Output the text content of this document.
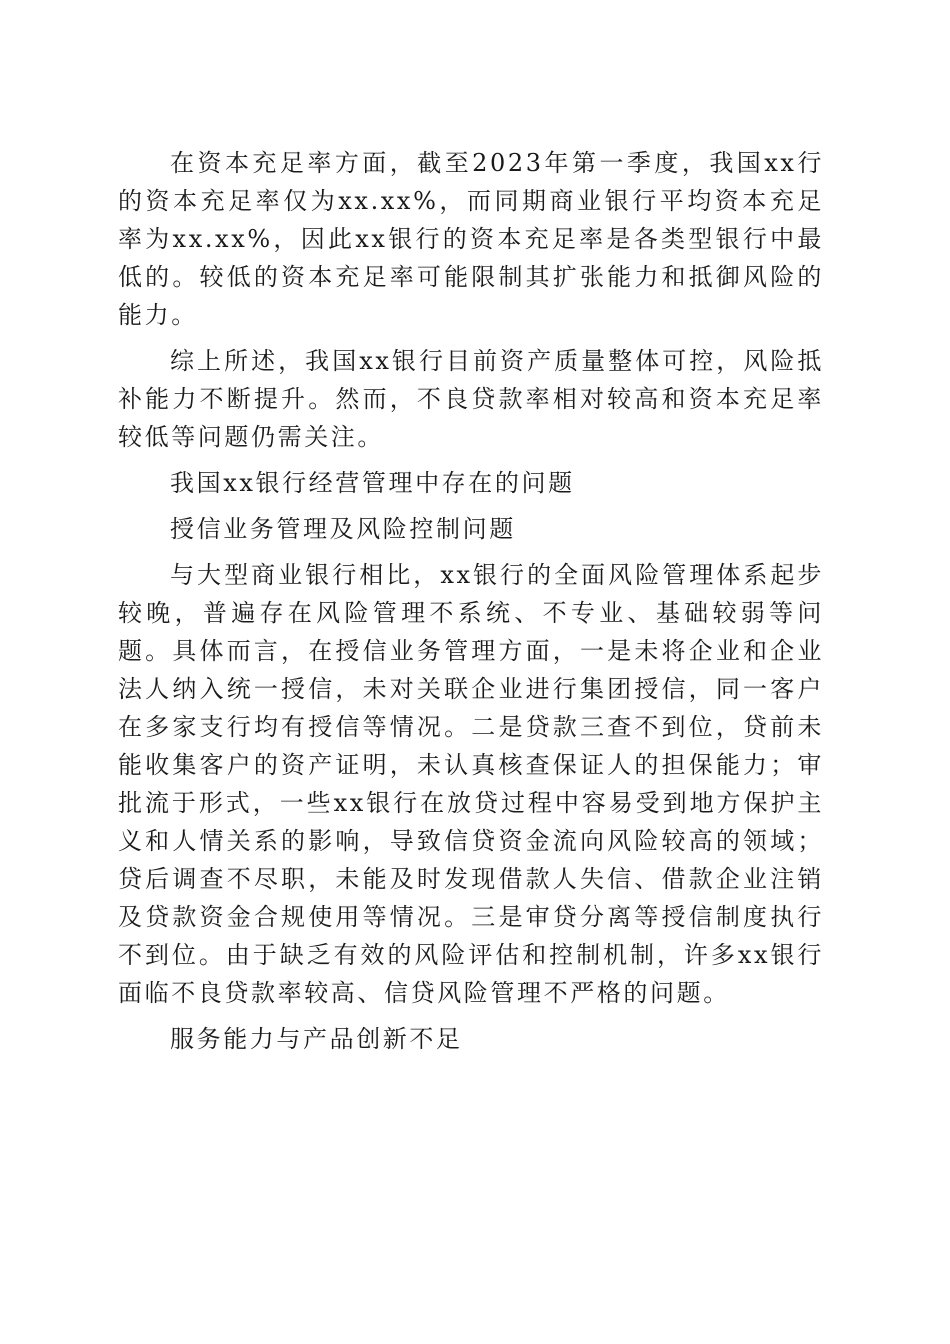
在资本充足率方面，截至2023年第一季度，我国xx行的资本充足率仅为xx.xx%，而同期商业银行平均资本充足率为xx.xx%，因此xx银行的资本充足率是各类型银行中最低的。较低的资本充足率可能限制其扩张能力和抵御风险的能力。

综上所述，我国xx银行目前资产质量整体可控，风险抵补能力不断提升。然而，不良贷款率相对较高和资本充足率较低等问题仍需关注。

我国xx银行经营管理中存在的问题

授信业务管理及风险控制问题

与大型商业银行相比，xx银行的全面风险管理体系起步较晚，普遍存在风险管理不系统、不专业、基础较弱等问题。具体而言，在授信业务管理方面，一是未将企业和企业法人纳入统一授信，未对关联企业进行集团授信，同一客户在多家支行均有授信等情况。二是贷款三查不到位，贷前未能收集客户的资产证明，未认真核查保证人的担保能力；审批流于形式，一些xx银行在放贷过程中容易受到地方保护主义和人情关系的影响，导致信贷资金流向风险较高的领域；贷后调查不尽职，未能及时发现借款人失信、借款企业注销及贷款资金合规使用等情况。三是审贷分离等授信制度执行不到位。由于缺乏有效的风险评估和控制机制，许多xx银行面临不良贷款率较高、信贷风险管理不严格的问题。

服务能力与产品创新不足
